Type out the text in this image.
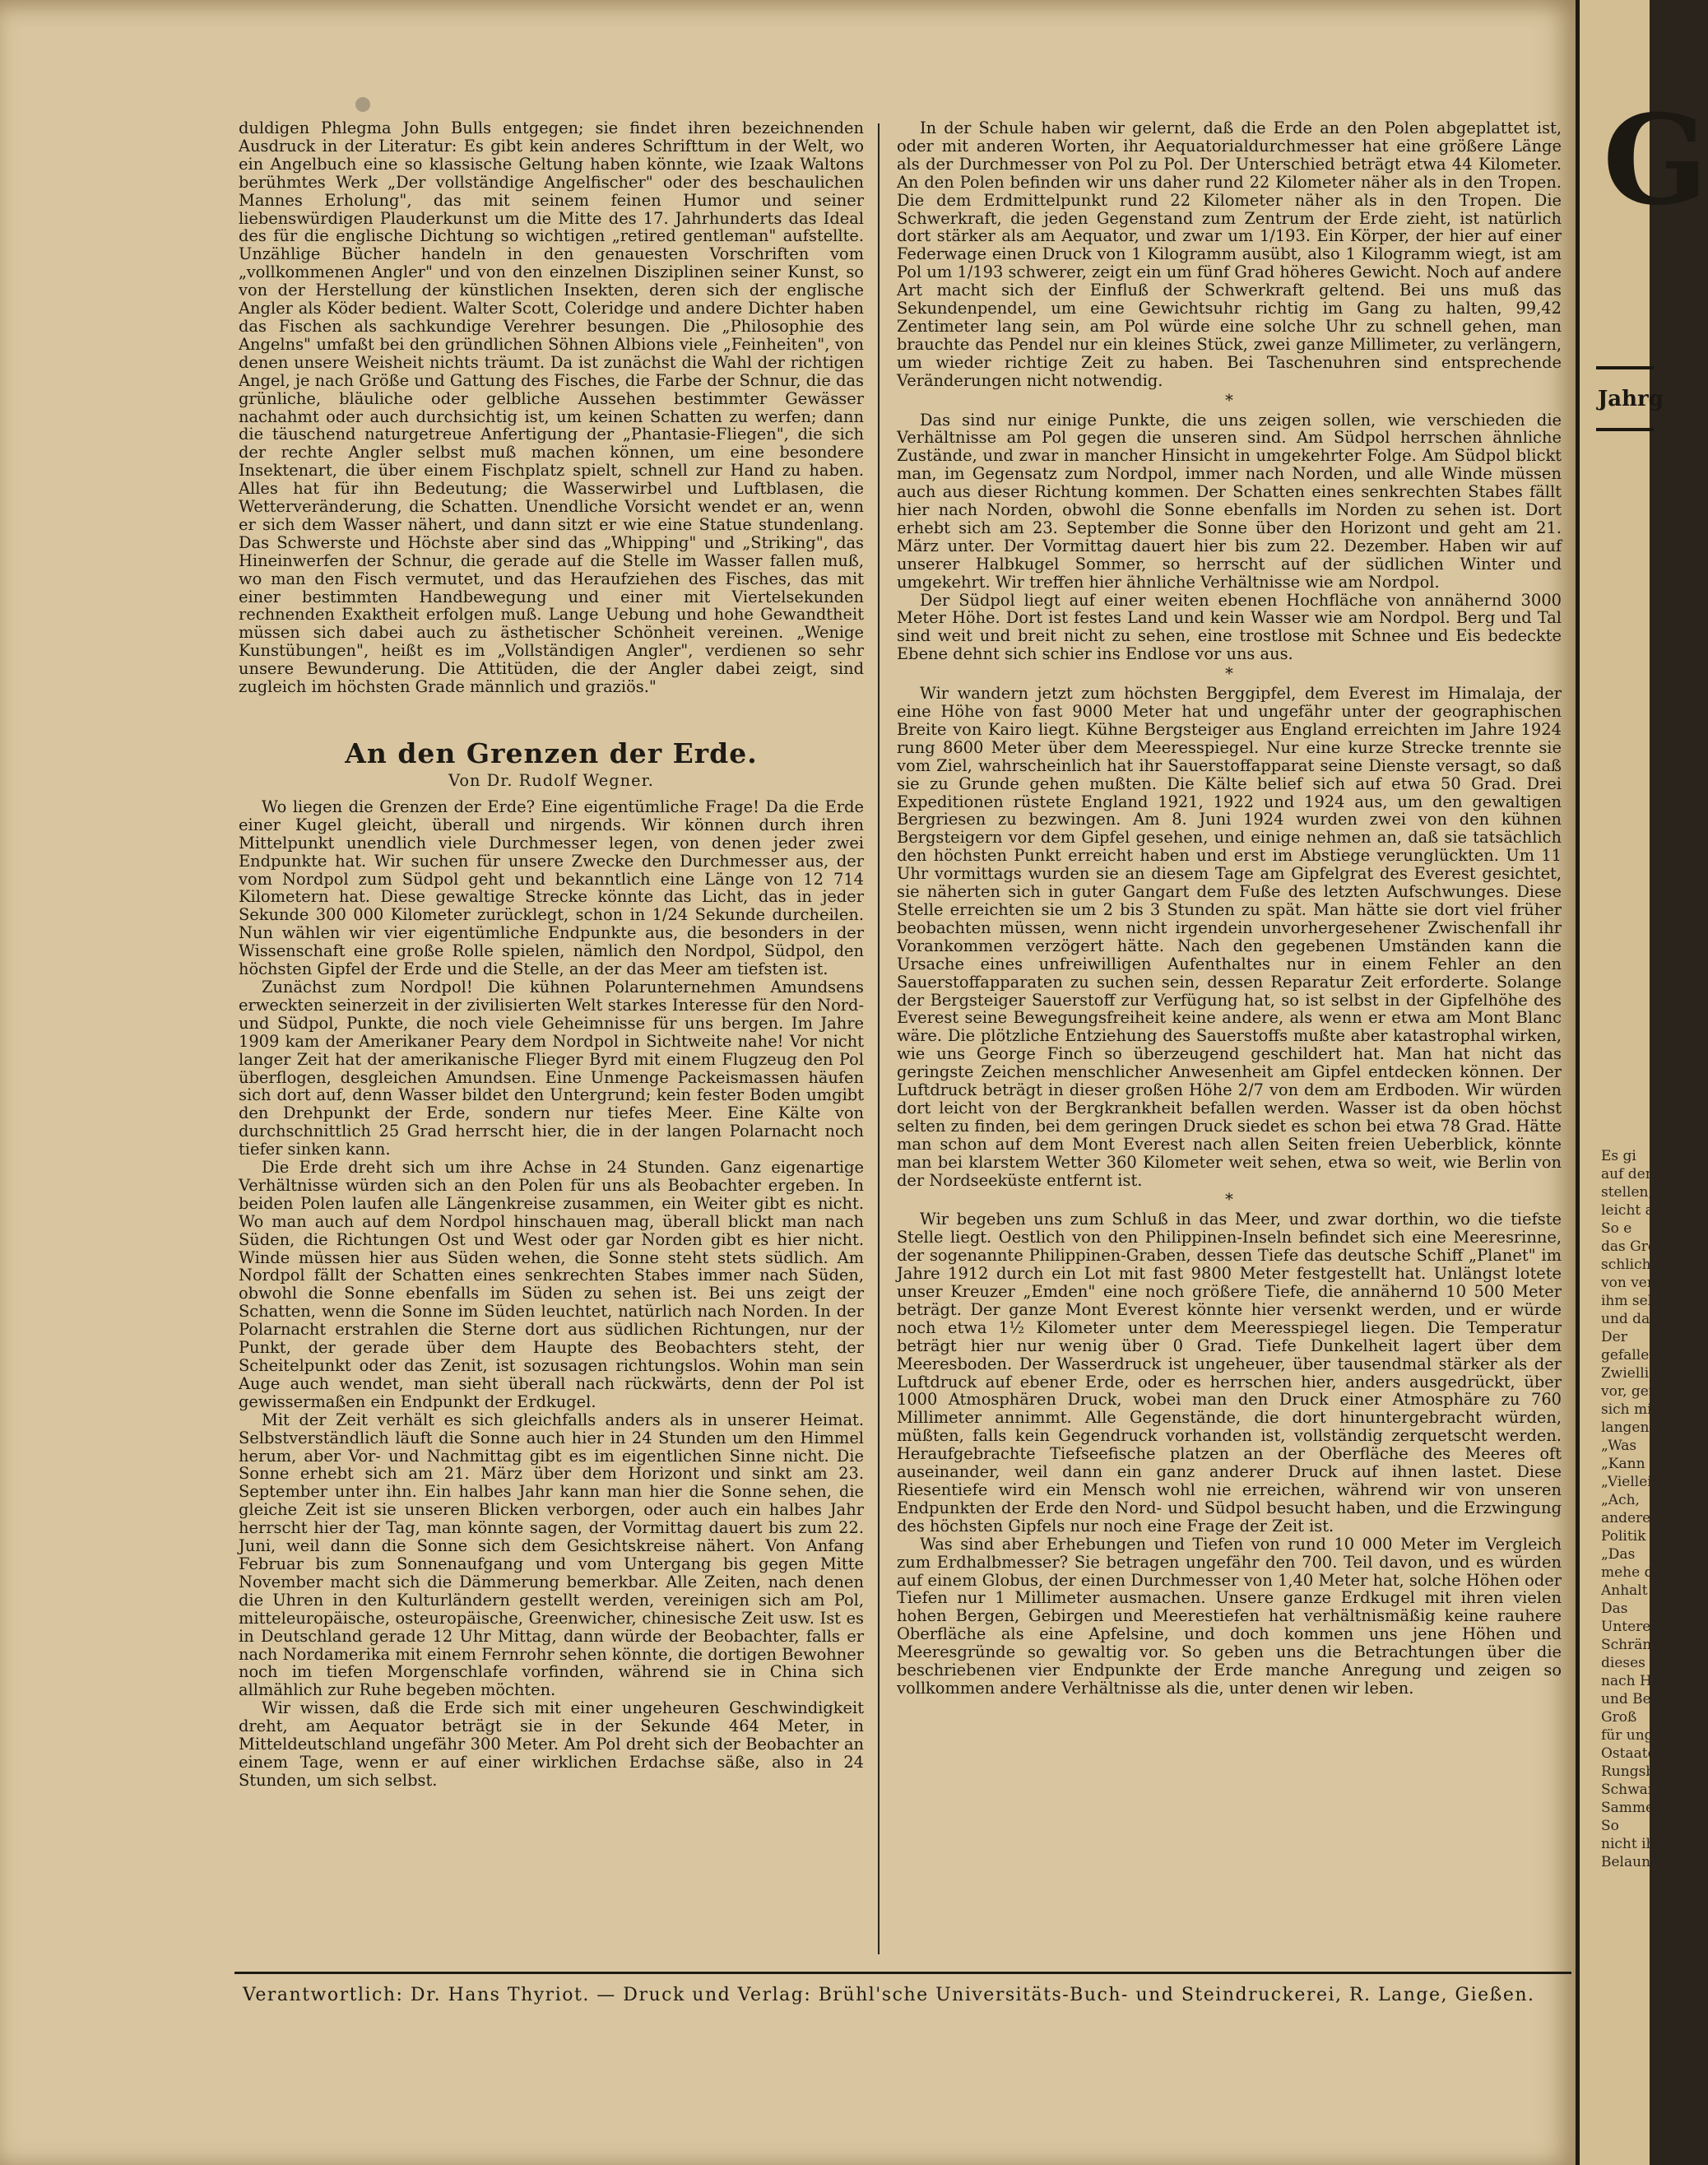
duldigen Phlegma John Bulls entgegen; sie findet ihren bezeichnenden Ausdruck in der Literatur: Es gibt kein anderes Schrifttum in der Welt, wo ein Angelbuch eine so klassische Geltung haben könnte, wie Izaak Waltons berühmtes Werk „Der vollständige Angelfischer" oder des beschaulichen Mannes Erholung", das mit seinem feinen Humor und seiner liebenswürdigen Plauderkunst um die Mitte des 17. Jahrhunderts das Ideal des für die englische Dichtung so wichtigen „retired gentleman" aufstellte. Unzählige Bücher handeln in den genauesten Vorschriften vom „vollkommenen Angler" und von den einzelnen Disziplinen seiner Kunst, so von der Herstellung der künstlichen Insekten, deren sich der englische Angler als Köder bedient. Walter Scott, Coleridge und andere Dichter haben das Fischen als sachkundige Verehrer besungen. Die „Philosophie des Angelns" umfaßt bei den gründlichen Söhnen Albions viele „Feinheiten", von denen unsere Weisheit nichts träumt. Da ist zunächst die Wahl der richtigen Angel, je nach Größe und Gattung des Fisches, die Farbe der Schnur, die das grünliche, bläuliche oder gelbliche Aussehen bestimmter Gewässer nachahmt oder auch durchsichtig ist, um keinen Schatten zu werfen; dann die täuschend naturgetreue Anfertigung der „Phantasie-Fliegen", die sich der rechte Angler selbst muß machen können, um eine besondere Insektenart, die über einem Fischplatz spielt, schnell zur Hand zu haben. Alles hat für ihn Bedeutung; die Wasserwirbel und Luftblasen, die Wetterveränderung, die Schatten. Unendliche Vorsicht wendet er an, wenn er sich dem Wasser nähert, und dann sitzt er wie eine Statue stundenlang. Das Schwerste und Höchste aber sind das „Whipping" und „Striking", das Hineinwerfen der Schnur, die gerade auf die Stelle im Wasser fallen muß, wo man den Fisch vermutet, und das Heraufziehen des Fisches, das mit einer bestimmten Handbewegung und einer mit Viertelsekunden rechnenden Exaktheit erfolgen muß. Lange Uebung und hohe Gewandtheit müssen sich dabei auch zu ästhetischer Schönheit vereinen. „Wenige Kunstübungen", heißt es im „Vollständigen Angler", verdienen so sehr unsere Bewunderung. Die Attitüden, die der Angler dabei zeigt, sind zugleich im höchsten Grade männlich und graziös."

An den Grenzen der Erde.
Von Dr. Rudolf Wegner.

Wo liegen die Grenzen der Erde? Eine eigentümliche Frage! Da die Erde einer Kugel gleicht, überall und nirgends. Wir können durch ihren Mittelpunkt unendlich viele Durchmesser legen, von denen jeder zwei Endpunkte hat. Wir suchen für unsere Zwecke den Durchmesser aus, der vom Nordpol zum Südpol geht und bekanntlich eine Länge von 12 714 Kilometern hat. Diese gewaltige Strecke könnte das Licht, das in jeder Sekunde 300 000 Kilometer zurücklegt, schon in 1/24 Sekunde durcheilen. Nun wählen wir vier eigentümliche Endpunkte aus, die besonders in der Wissenschaft eine große Rolle spielen, nämlich den Nordpol, Südpol, den höchsten Gipfel der Erde und die Stelle, an der das Meer am tiefsten ist.

Zunächst zum Nordpol! Die kühnen Polarunternehmen Amundsens erweckten seinerzeit in der zivilisierten Welt starkes Interesse für den Nord- und Südpol, Punkte, die noch viele Geheimnisse für uns bergen. Im Jahre 1909 kam der Amerikaner Peary dem Nordpol in Sichtweite nahe! Vor nicht langer Zeit hat der amerikanische Flieger Byrd mit einem Flugzeug den Pol überflogen, desgleichen Amundsen. Eine Unmenge Packeismassen häufen sich dort auf, denn Wasser bildet den Untergrund; kein fester Boden umgibt den Drehpunkt der Erde, sondern nur tiefes Meer. Eine Kälte von durchschnittlich 25 Grad herrscht hier, die in der langen Polarnacht noch tiefer sinken kann.

Die Erde dreht sich um ihre Achse in 24 Stunden. Ganz eigenartige Verhältnisse würden sich an den Polen für uns als Beobachter ergeben. In beiden Polen laufen alle Längenkreise zusammen, ein Weiter gibt es nicht. Wo man auch auf dem Nordpol hinschauen mag, überall blickt man nach Süden, die Richtungen Ost und West oder gar Norden gibt es hier nicht. Winde müssen hier aus Süden wehen, die Sonne steht stets südlich. Am Nordpol fällt der Schatten eines senkrechten Stabes immer nach Süden, obwohl die Sonne ebenfalls im Süden zu sehen ist. Bei uns zeigt der Schatten, wenn die Sonne im Süden leuchtet, natürlich nach Norden. In der Polarnacht erstrahlen die Sterne dort aus südlichen Richtungen, nur der Punkt, der gerade über dem Haupte des Beobachters steht, der Scheitelpunkt oder das Zenit, ist sozusagen richtungslos. Wohin man sein Auge auch wendet, man sieht überall nach rückwärts, denn der Pol ist gewissermaßen ein Endpunkt der Erdkugel.

Mit der Zeit verhält es sich gleichfalls anders als in unserer Heimat. Selbstverständlich läuft die Sonne auch hier in 24 Stunden um den Himmel herum, aber Vor- und Nachmittag gibt es im eigentlichen Sinne nicht. Die Sonne erhebt sich am 21. März über dem Horizont und sinkt am 23. September unter ihn. Ein halbes Jahr kann man hier die Sonne sehen, die gleiche Zeit ist sie unseren Blicken verborgen, oder auch ein halbes Jahr herrscht hier der Tag, man könnte sagen, der Vormittag dauert bis zum 22. Juni, weil dann die Sonne sich dem Gesichtskreise nähert. Von Anfang Februar bis zum Sonnenaufgang und vom Untergang bis gegen Mitte November macht sich die Dämmerung bemerkbar. Alle Zeiten, nach denen die Uhren in den Kulturländern gestellt werden, vereinigen sich am Pol, mitteleuropäische, osteuropäische, Greenwicher, chinesische Zeit usw. Ist es in Deutschland gerade 12 Uhr Mittag, dann würde der Beobachter, falls er nach Nordamerika mit einem Fernrohr sehen könnte, die dortigen Bewohner noch im tiefen Morgenschlafe vorfinden, während sie in China sich allmählich zur Ruhe begeben möchten.

Wir wissen, daß die Erde sich mit einer ungeheuren Geschwindigkeit dreht, am Aequator beträgt sie in der Sekunde 464 Meter, in Mitteldeutschland ungefähr 300 Meter. Am Pol dreht sich der Beobachter an einem Tage, wenn er auf einer wirklichen Erdachse säße, also in 24 Stunden, um sich selbst.

In der Schule haben wir gelernt, daß die Erde an den Polen abgeplattet ist, oder mit anderen Worten, ihr Aequatorialdurchmesser hat eine größere Länge als der Durchmesser von Pol zu Pol. Der Unterschied beträgt etwa 44 Kilometer. An den Polen befinden wir uns daher rund 22 Kilometer näher als in den Tropen. Die dem Erdmittelpunkt rund 22 Kilometer näher als in den Tropen. Die Schwerkraft, die jeden Gegenstand zum Zentrum der Erde zieht, ist natürlich dort stärker als am Aequator, und zwar um 1/193. Ein Körper, der hier auf einer Federwage einen Druck von 1 Kilogramm ausübt, also 1 Kilogramm wiegt, ist am Pol um 1/193 schwerer, zeigt ein um fünf Grad höheres Gewicht. Noch auf andere Art macht sich der Einfluß der Schwerkraft geltend. Bei uns muß das Sekundenpendel, um eine Gewichtsuhr richtig im Gang zu halten, 99,42 Zentimeter lang sein, am Pol würde eine solche Uhr zu schnell gehen, man brauchte das Pendel nur ein kleines Stück, zwei ganze Millimeter, zu verlängern, um wieder richtige Zeit zu haben. Bei Taschenuhren sind entsprechende Veränderungen nicht notwendig.

*

Das sind nur einige Punkte, die uns zeigen sollen, wie verschieden die Verhältnisse am Pol gegen die unseren sind. Am Südpol herrschen ähnliche Zustände, und zwar in mancher Hinsicht in umgekehrter Folge. Am Südpol blickt man, im Gegensatz zum Nordpol, immer nach Norden, und alle Winde müssen auch aus dieser Richtung kommen. Der Schatten eines senkrechten Stabes fällt hier nach Norden, obwohl die Sonne ebenfalls im Norden zu sehen ist. Dort erhebt sich am 23. September die Sonne über den Horizont und geht am 21. März unter. Der Vormittag dauert hier bis zum 22. Dezember. Haben wir auf unserer Halbkugel Sommer, so herrscht auf der südlichen Winter und umgekehrt. Wir treffen hier ähnliche Verhältnisse wie am Nordpol.

Der Südpol liegt auf einer weiten ebenen Hochfläche von annähernd 3000 Meter Höhe. Dort ist festes Land und kein Wasser wie am Nordpol. Berg und Tal sind weit und breit nicht zu sehen, eine trostlose mit Schnee und Eis bedeckte Ebene dehnt sich schier ins Endlose vor uns aus.

*

Wir wandern jetzt zum höchsten Berggipfel, dem Everest im Himalaja, der eine Höhe von fast 9000 Meter hat und ungefähr unter der geographischen Breite von Kairo liegt. Kühne Bergsteiger aus England erreichten im Jahre 1924 rung 8600 Meter über dem Meeresspiegel. Nur eine kurze Strecke trennte sie vom Ziel, wahrscheinlich hat ihr Sauerstoffapparat seine Dienste versagt, so daß sie zu Grunde gehen mußten. Die Kälte belief sich auf etwa 50 Grad. Drei Expeditionen rüstete England 1921, 1922 und 1924 aus, um den gewaltigen Bergriesen zu bezwingen. Am 8. Juni 1924 wurden zwei von den kühnen Bergsteigern vor dem Gipfel gesehen, und einige nehmen an, daß sie tatsächlich den höchsten Punkt erreicht haben und erst im Abstiege verunglückten. Um 11 Uhr vormittags wurden sie an diesem Tage am Gipfelgrat des Everest gesichtet, sie näherten sich in guter Gangart dem Fuße des letzten Aufschwunges. Diese Stelle erreichten sie um 2 bis 3 Stunden zu spät. Man hätte sie dort viel früher beobachten müssen, wenn nicht irgendein unvorhergesehener Zwischenfall ihr Vorankommen verzögert hätte. Nach den gegebenen Umständen kann die Ursache eines unfreiwilligen Aufenthaltes nur in einem Fehler an den Sauerstoffapparaten zu suchen sein, dessen Reparatur Zeit erforderte. Solange der Bergsteiger Sauerstoff zur Verfügung hat, so ist selbst in der Gipfelhöhe des Everest seine Bewegungsfreiheit keine andere, als wenn er etwa am Mont Blanc wäre. Die plötzliche Entziehung des Sauerstoffs mußte aber katastrophal wirken, wie uns George Finch so überzeugend geschildert hat. Man hat nicht das geringste Zeichen menschlicher Anwesenheit am Gipfel entdecken können. Der Luftdruck beträgt in dieser großen Höhe 2/7 von dem am Erdboden. Wir würden dort leicht von der Bergkrankheit befallen werden. Wasser ist da oben höchst selten zu finden, bei dem geringen Druck siedet es schon bei etwa 78 Grad. Hätte man schon auf dem Mont Everest nach allen Seiten freien Ueberblick, könnte man bei klarstem Wetter 360 Kilometer weit sehen, etwa so weit, wie Berlin von der Nordseeküste entfernt ist.

*

Wir begeben uns zum Schluß in das Meer, und zwar dorthin, wo die tiefste Stelle liegt. Oestlich von den Philippinen-Inseln befindet sich eine Meeresrinne, der sogenannte Philippinen-Graben, dessen Tiefe das deutsche Schiff „Planet" im Jahre 1912 durch ein Lot mit fast 9800 Meter festgestellt hat. Unlängst lotete unser Kreuzer „Emden" eine noch größere Tiefe, die annähernd 10 500 Meter beträgt. Der ganze Mont Everest könnte hier versenkt werden, und er würde noch etwa 1½ Kilometer unter dem Meeresspiegel liegen. Die Temperatur beträgt hier nur wenig über 0 Grad. Tiefe Dunkelheit lagert über dem Meeresboden. Der Wasserdruck ist ungeheuer, über tausendmal stärker als der Luftdruck auf ebener Erde, oder es herrschen hier, anders ausgedrückt, über 1000 Atmosphären Druck, wobei man den Druck einer Atmosphäre zu 760 Millimeter annimmt. Alle Gegenstände, die dort hinuntergebracht würden, müßten, falls kein Gegendruck vorhanden ist, vollständig zerquetscht werden. Heraufgebrachte Tiefseefische platzen an der Oberfläche des Meeres oft auseinander, weil dann ein ganz anderer Druck auf ihnen lastet. Diese Riesentiefe wird ein Mensch wohl nie erreichen, während wir von unseren Endpunkten der Erde den Nord- und Südpol besucht haben, und die Erzwingung des höchsten Gipfels nur noch eine Frage der Zeit ist.

Was sind aber Erhebungen und Tiefen von rund 10 000 Meter im Vergleich zum Erdhalbmesser? Sie betragen ungefähr den 700. Teil davon, und es würden auf einem Globus, der einen Durchmesser von 1,40 Meter hat, solche Höhen oder Tiefen nur 1 Millimeter ausmachen. Unsere ganze Erdkugel mit ihren vielen hohen Bergen, Gebirgen und Meerestiefen hat verhältnismäßig keine rauhere Oberfläche als eine Apfelsine, und doch kommen uns jene Höhen und Meeresgründe so gewaltig vor. So geben uns die Betrachtungen über die beschriebenen vier Endpunkte der Erde manche Anregung und zeigen so vollkommen andere Verhältnisse als die, unter denen wir leben.

Verantwortlich: Dr. Hans Thyriot. — Druck und Verlag: Brühl'sche Universitäts-Buch- und Steindruckerei, R. Lange, Gießen.
G
Jahrg
Es gi
auf den
stellen,
leicht au
So e
das Grof
schlichtem
von versch
ihm selb
und dann
Der
gefallen
Zwiellicht
vor, gen
sich mich
langen, e
„Was
„Kann
„Vielleich
„Ach,
andere D
Politik be
„Das
mehe die
Anhalt f
Das
Unterer
Schränkt
dieses Gem
nach Her
und Bergl
Groß
für ung
Ostaaten
Rungsbe
Schwar
Sammer
So
nicht ih
Belaunt
